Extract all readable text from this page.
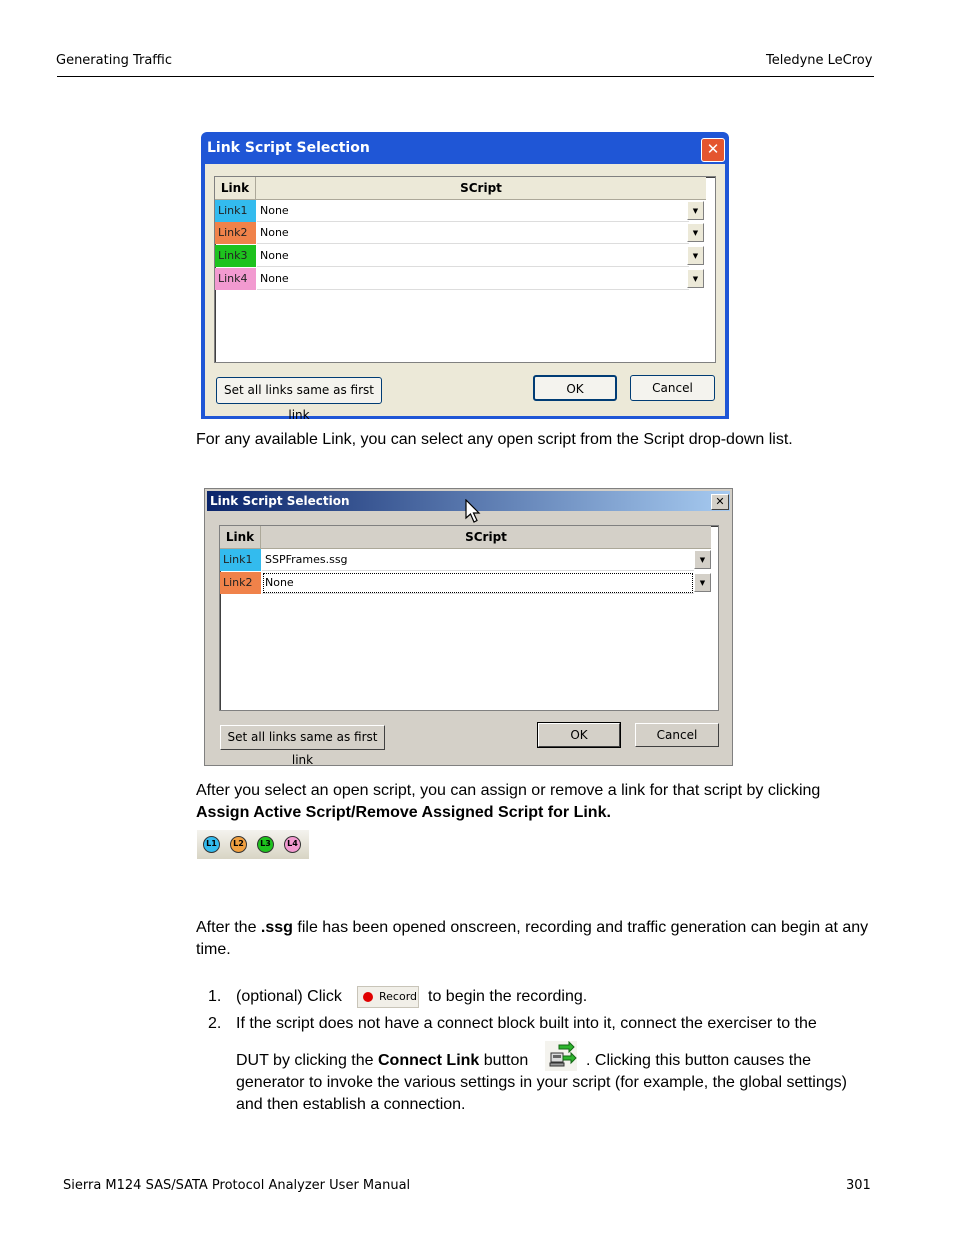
Generating Traffic	Teledyne LeCroy
Link Script Selection	✕
Link	SCript
Link1	None	▼
Link2	None	▼
Link3	None	▼
Link4	None	▼
Set all links same as first link
OK	Cancel
For any available Link, you can select any open script from the Script drop-down list.
Link Script Selection	✕
Link	SCript
Link1	SSPFrames.ssg	▼
Link2	None	▼
Set all links same as first link
OK	Cancel
After you select an open script, you can assign or remove a link for that script by clicking
Assign Active Script/Remove Assigned Script for Link.
L1	L2	L3	L4
After the .ssg file has been opened onscreen, recording and traffic generation can begin at any time.
1. (optional) Click	Record to begin the recording.
2. If the script does not have a connect block built into it, connect the exerciser to the
DUT by clicking the Connect Link button	. Clicking this button causes the
generator to invoke the various settings in your script (for example, the global settings) and then establish a connection.
Sierra M124 SAS/SATA Protocol Analyzer User Manual	301
